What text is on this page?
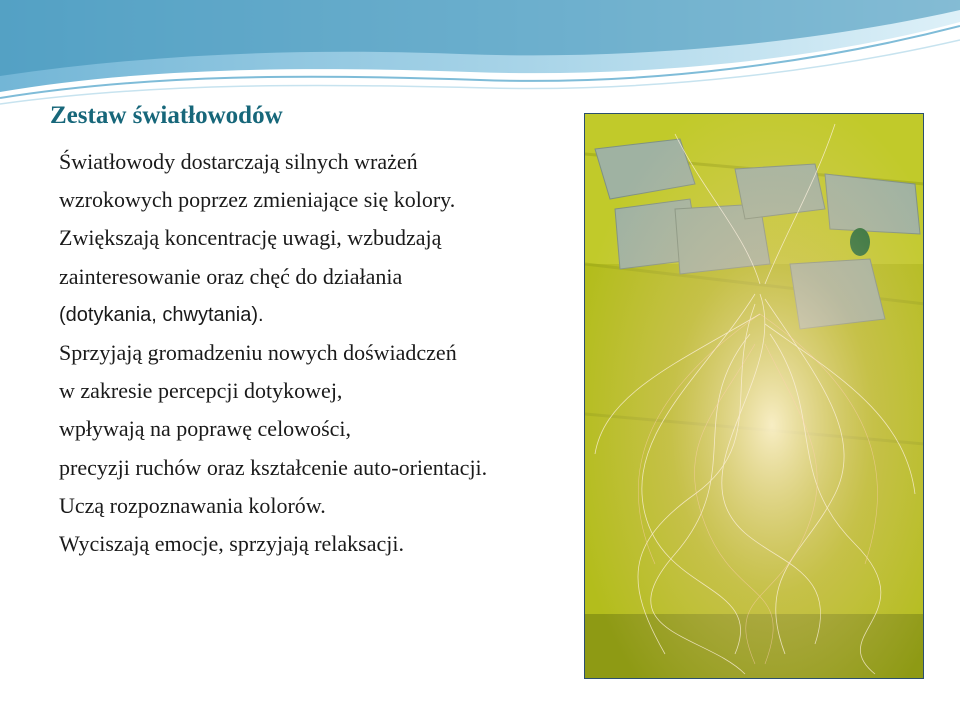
Zestaw światłowodów
Światłowody dostarczają silnych wrażeń
wzrokowych poprzez zmieniające się kolory.
Zwiększają koncentrację uwagi, wzbudzają
zainteresowanie oraz chęć do działania
(dotykania, chwytania).
Sprzyjają gromadzeniu nowych doświadczeń
w zakresie percepcji dotykowej,
wpływają na poprawę celowości,
precyzji ruchów oraz kształcenie auto-orientacji.
Uczą rozpoznawania kolorów.
Wyciszają emocje, sprzyjają relaksacji.
